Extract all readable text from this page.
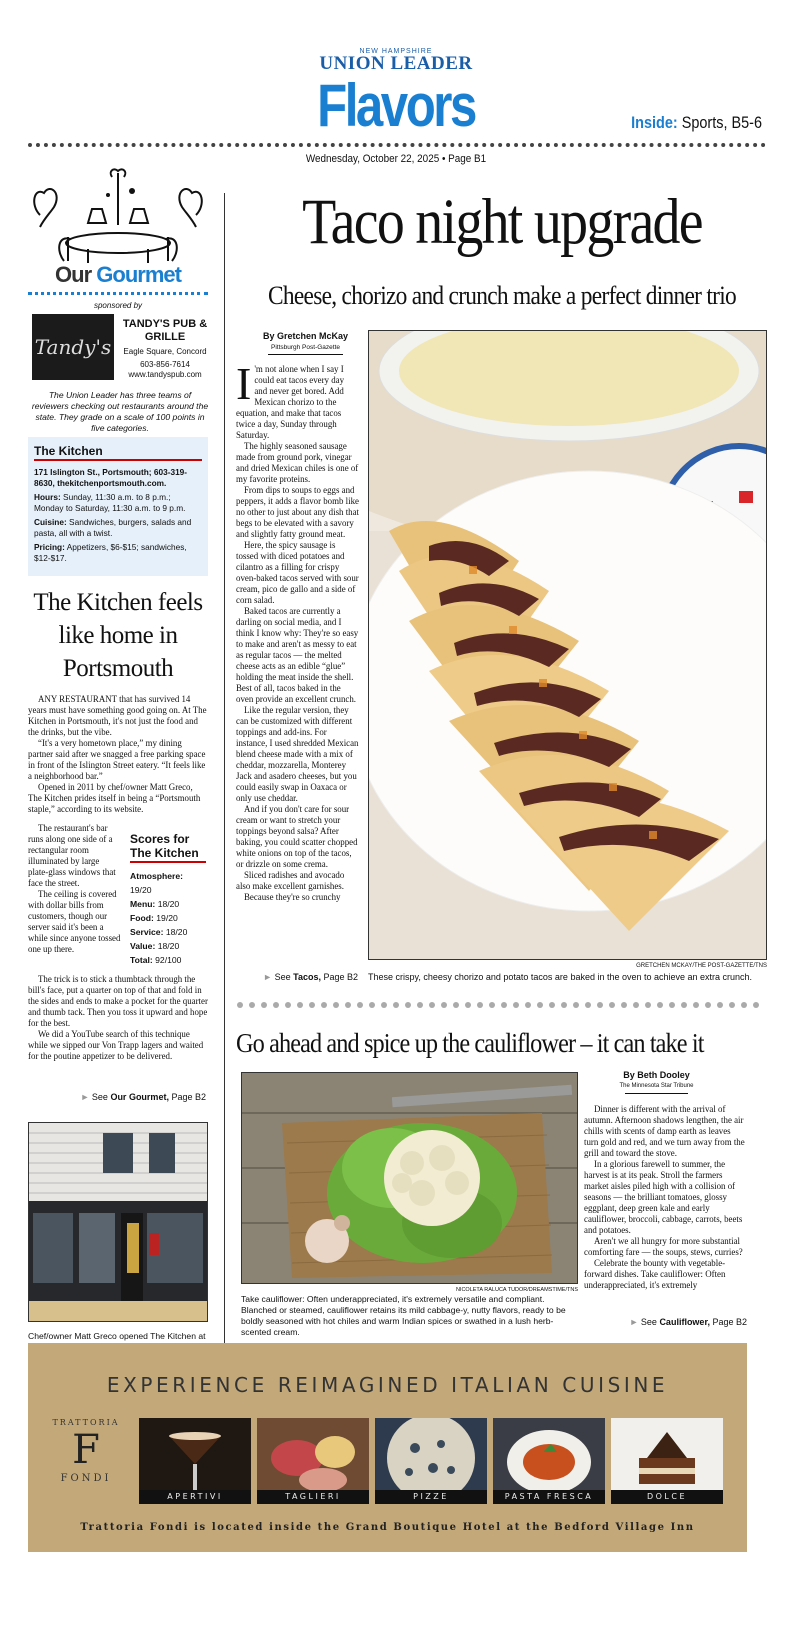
NEW HAMPSHIRE
UNION LEADER
Flavors	Inside: Sports, B5-6
Wednesday, October 22, 2025 • Page B1
Our Gourmet
sponsored by
Tandy's
TANDY'S PUB & GRILLE
Eagle Square, Concord
603-856-7614
www.tandyspub.com
The Union Leader has three teams of reviewers checking out restaurants around the state. They grade on a scale of 100 points in five categories.
The Kitchen

171 Islington St., Portsmouth; 603-319-8630, thekitchenportsmouth.com.

Hours: Sunday, 11:30 a.m. to 8 p.m.; Monday to Saturday, 11:30 a.m. to 9 p.m.

Cuisine: Sandwiches, burgers, salads and pasta, all with a twist.

Pricing: Appetizers, $6-$15; sandwiches, $12-$17.

The Kitchen feels like home in Portsmouth

ANY RESTAURANT that has survived 14 years must have something good going on. At The Kitchen in Portsmouth, it's not just the food and the drinks, but the vibe.

“It's a very hometown place,” my dining partner said after we snagged a free parking space in front of the Islington Street eatery. “It feels like a neighborhood bar.”

Opened in 2011 by chef/owner Matt Greco, The Kitchen prides itself in being a “Portsmouth staple,” according to its website.

The restaurant's bar runs along one side of a rectangular room illuminated by large plate-glass windows that face the street.

The ceiling is covered with dollar bills from customers, though our server said it's been a while since anyone tossed one up there.

The trick is to stick a thumbtack through the bill's face, put a quarter on top of that and fold in the sides and ends to make a pocket for the quarter and thumb tack. Then you toss it upward and hope for the best.

We did a YouTube search of this technique while we sipped our Von Trapp lagers and waited for the poutine appetizer to be delivered.

Scores for The Kitchen

Atmosphere: 19/20

Menu: 18/20

Food: 19/20

Service: 18/20

Value: 18/20

Total: 92/100

► See Our Gourmet, Page B2
Chef/owner Matt Greco opened The Kitchen at
Taco night upgrade
Cheese, chorizo and crunch make a perfect dinner trio
By Gretchen McKay
Pittsburgh Post-Gazette

I 'm not alone when I say I could eat tacos every day and never get bored. Add Mexican chorizo to the equation, and make that tacos twice a day, Sunday through Saturday.

The highly seasoned sausage made from ground pork, vinegar and dried Mexican chiles is one of my favorite proteins.

From dips to soups to eggs and peppers, it adds a flavor bomb like no other to just about any dish that begs to be elevated with a savory and slightly fatty ground meat.

Here, the spicy sausage is tossed with diced potatoes and cilantro as a filling for crispy oven-baked tacos served with sour cream, pico de gallo and a side of corn salad.

Baked tacos are currently a darling on social media, and I think I know why: They're so easy to make and aren't as messy to eat as regular tacos — the melted cheese acts as an edible “glue” holding the meat inside the shell. Best of all, tacos baked in the oven provide an excellent crunch.

Like the regular version, they can be customized with different toppings and add-ins. For instance, I used shredded Mexican blend cheese made with a mix of cheddar, mozzarella, Monterey Jack and asadero cheeses, but you could easily swap in Oaxaca or only use cheddar.

And if you don't care for sour cream or want to stretch your toppings beyond salsa? After baking, you could scatter chopped white onions on top of the tacos, or drizzle on some crema.

Sliced radishes and avocado also make excellent garnishes.

Because they're so crunchy

GRETCHEN MCKAY/THE POST-GAZETTE/TNS
► See Tacos, Page B2 These crispy, cheesy chorizo and potato tacos are baked in the oven to achieve an extra crunch.
Go ahead and spice up the cauliflower – it can take it
NICOLETA RALUCA TUDOR/DREAMSTIME/TNS
Take cauliflower: Often underappreciated, it's extremely versatile and compliant. Blanched or steamed, cauliflower retains its mild cabbage-y, nutty flavors, ready to be boldly seasoned with hot chiles and warm Indian spices or swathed in a lush herb-scented cream.
By Beth Dooley
The Minnesota Star Tribune

Dinner is different with the arrival of autumn. Afternoon shadows lengthen, the air chills with scents of damp earth as leaves turn gold and red, and we turn away from the grill and toward the stove.

In a glorious farewell to summer, the harvest is at its peak. Stroll the farmers market aisles piled high with a collision of seasons — the brilliant tomatoes, glossy eggplant, deep green kale and early cauliflower, broccoli, cabbage, carrots, beets and potatoes.

Aren't we all hungry for more substantial comforting fare — the soups, stews, curries?

Celebrate the bounty with vegetable-forward dishes. Take cauliflower: Often underappreciated, it's extremely

► See Cauliflower, Page B2
EXPERIENCE REIMAGINED ITALIAN CUISINE
TRATTORIA
F
FONDI
APERTIVI	TAGLIERI	PIZZE	PASTA FRESCA	DOLCE
Trattoria Fondi is located inside the Grand Boutique Hotel at the Bedford Village Inn
